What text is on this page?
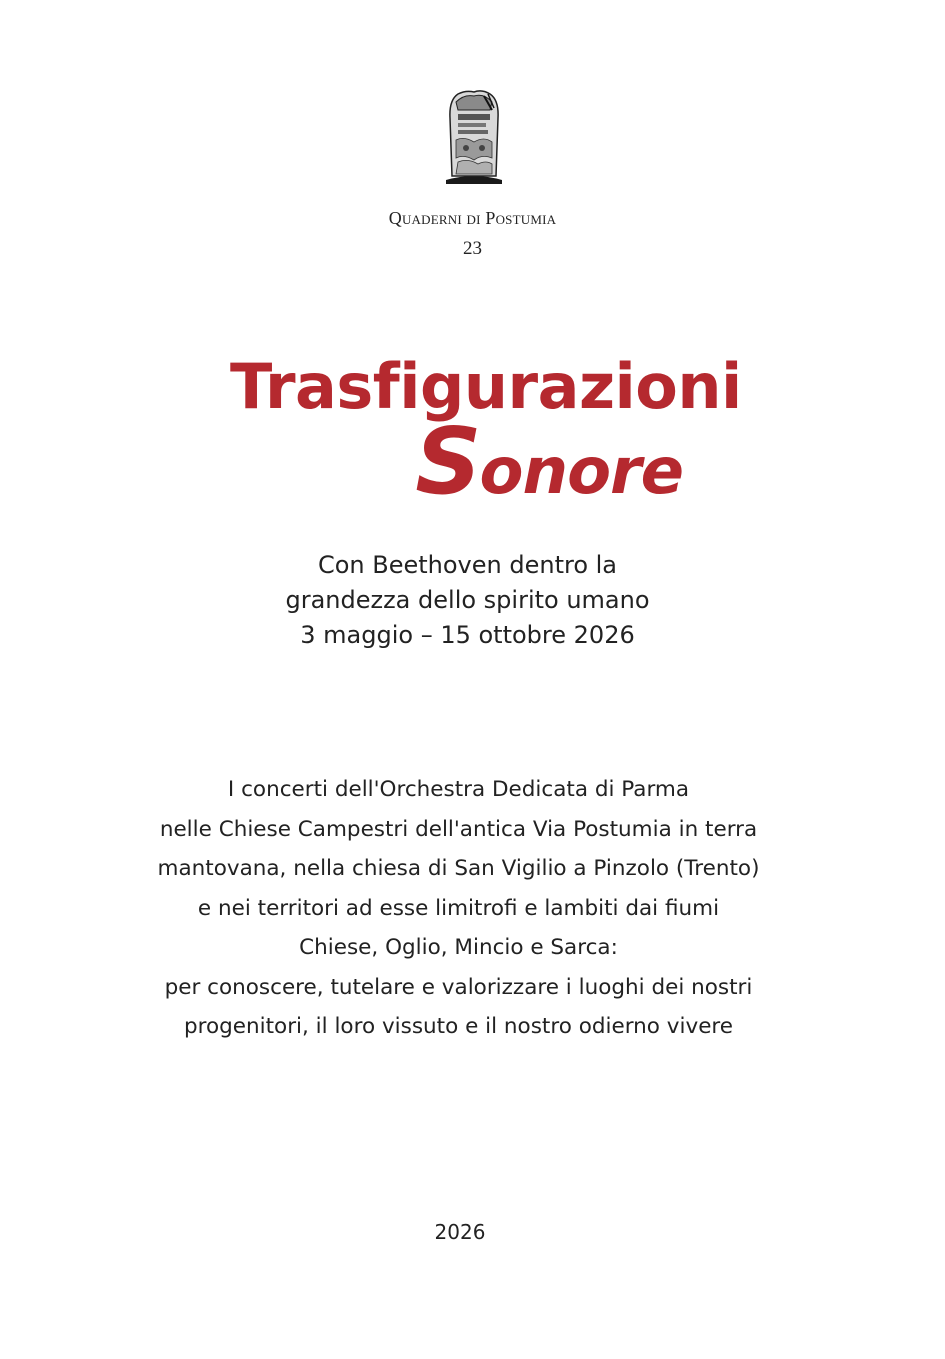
Quaderni di Postumia
23
Trasfigurazioni
Sonore
Con Beethoven dentro la
grandezza dello spirito umano
3 maggio – 15 ottobre 2026
I concerti dell'Orchestra Dedicata di Parma
nelle Chiese Campestri dell'antica Via Postumia in terra
mantovana, nella chiesa di San Vigilio a Pinzolo (Trento)
e nei territori ad esse limitrofi e lambiti dai fiumi
Chiese, Oglio, Mincio e Sarca:
per conoscere, tutelare e valorizzare i luoghi dei nostri
progenitori, il loro vissuto e il nostro odierno vivere
2026
